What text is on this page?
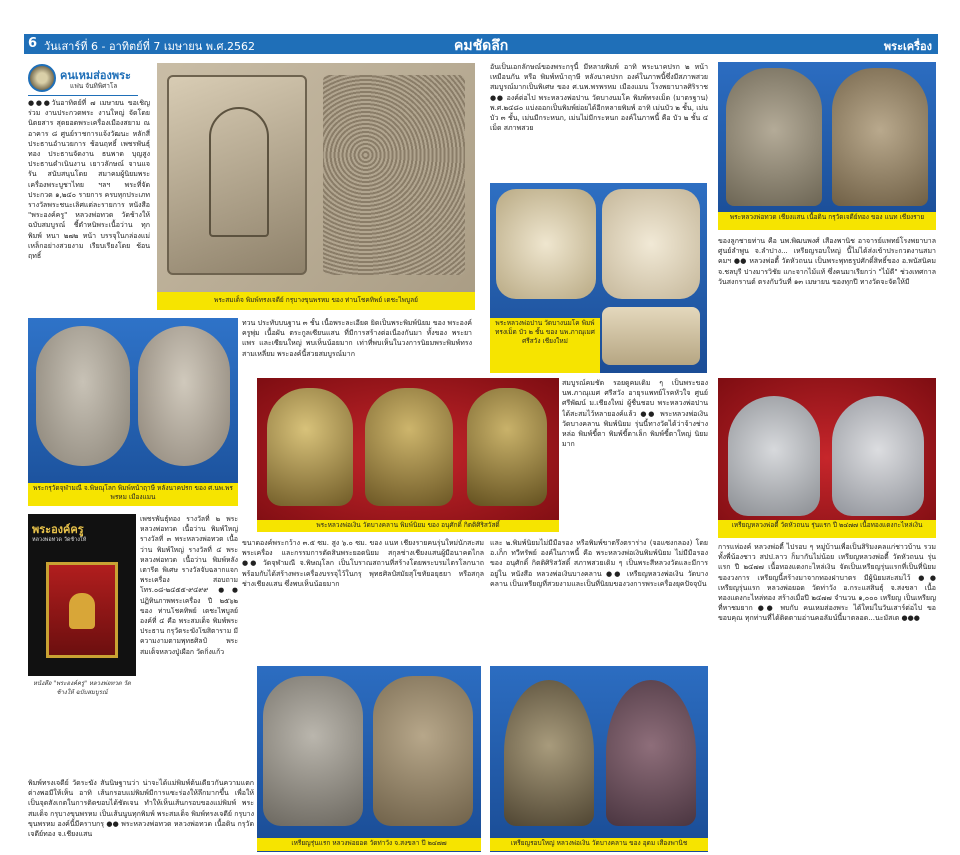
6 วันเสาร์ที่ 6 - อาทิตย์ที่ 7 เมษายน พ.ศ.2562	คมชัดลึก	พระเครื่อง
คนเหมส่องพระ
แฟน จันทิพิศาโล

●●●วันอาทิตย์ที่ ๗ เมษายน ขอเชิญร่วม งานประกวดพระ งานใหญ่ จัดโดยนิตยสาร สุดยอดพระเครื่องเมืองสยาม ณ อาคาร ๘ ศูนย์ราชการแจ้งวัฒนะ หลักสี่ ประธานอำนวยการ ช้อนฤทธิ์ เพชรพันธุ์ทอง ประธานจัดงาน ธนพาด บุญสูง ประธานดำเนินงาน เยาวลักษณ์ จานแจรัน สนับสนุนโดย สมาคมผู้นิยมพระเครื่องพระบูชาไทย ฯลฯ พระที่จัดประกวด ๑,๒๔๐ รายการ ครบทุกประเภท รางวัลพระชนะเลิศแต่ละรายการ หนังสือ "พระองค์ครู" หลวงพ่อทวด วัดช้างให้ ฉบับสมบูรณ์ ชี้ตำหนิพระเนื้อว่าน ทุกพิมพ์ หนา ๒๗๒ หน้า บรรจุในกล่องแม่เหล็กอย่างสวยงาม เรียบเรียงโดย ช้อนฤทธิ์

พระสมเด็จ พิมพ์ทรงเจดีย์ กรุบางขุนพรหม ของ ท่านโชคทิพย์ เดชะไพบูลย์
พระกรุวัดจุฬามณี จ.พิษณุโลก พิมพ์หน้าฤาษี หลังนาคปรก ของ ศ.นพ.พรพรหม เมืองแมน
พระองค์ครู
หลวงพ่อทวด วัดช้างให้
หนังสือ "พระองค์ครู" หลวงพ่อทวด วัดช้างให้ ฉบับสมบูรณ์

ทวน ประทับบนฐาน ๓ ชั้น เนื้อพระละเอียด ยิดเป็นพระพิมพ์นิยม ของ พระองค์ครูพุ่ม เนื้อผัน ตระกูลเซียนแสน ที่มีการสร้างต่อเนื่องกันมา ทั้งของ พระยา แพร และเซียนใหญ่ พบเห็นน้อยมาก เท่าที่พบเห็นในวงการนิยมพระพิมพ์ทรงสามเหลี่ยม พระองค์นี้สวยสมบูรณ์มาก

ขนาดองค์พระกว้าง ๓.๕ ซม. สูง ๖.๐ ซม. ของ แนท เชียงรายคนรุ่นใหม่นักสะสมพระเครื่อง และกรรมการตัดสินพระยอดนิยม สกุลช่างเชียงแสนผู้มีอนาคตไกล ●● วัดจุฬามณี จ.พิษณุโลก เป็นโบราณสถานที่สร้างโดยพระบรมไตรโลกนาถ พร้อมกับได้สร้างพระเครื่องบรรจุไว้ในกรุ พุทธศิลป์สมัยสุโขทัยอยุธยา หรือสกุลช่างเชียงแสน ซึ่งพบเห็นน้อยมาก

เพชรพันธุ์ทอง รางวัลที่ ๒ พระหลวงพ่อทวด เนื้อว่าน พิมพ์ใหญ่ รางวัลที่ ๓ พระหลวงพ่อทวด เนื้อว่าน พิมพ์ใหญ่ รางวัลที่ ๔ พระหลวงพ่อทวด เนื้อว่าน พิมพ์หลังเตารีด พิเศษ รางวัลจับฉลากแจกพระเครื่อง สอบถามโทร.๐๘-๒๔๕๕-๙๔๙๙ ●● ปฏิทินภาพพระเครื่อง ปี ๒๕๖๒ ของ ท่านโชคทิพย์ เดชะไพบูลย์ องค์ที่ ๔ คือ พระสมเด็จ พิมพ์พระประธาน กรุวัดระฆังโฆสิตาราม มีความงามตามพุทธศิลป์ พระสมเด็จหลวงปู่เผือก วัดกิ่งแก้ว

พิมพ์ทรงเจดีย์ วัดระฆัง สันนิษฐานว่า น่าจะได้แม่พิมพ์ต้นเดียวกันความแตกต่างพอมีให้เห็น อาทิ เส้นกรอบแม่พิมพ์มีการแซะร่องให้ลึกมากขึ้น เพื่อให้เป็นจุดสังเกตในการติดขอบได้ชัดเจน ทำให้เห็นเส้นกรอบของแม่พิมพ์ พระสมเด็จ กรุบางขุนพรหม เป็นเส้นนูนทุกพิมพ์ พระสมเด็จ พิมพ์ทรงเจดีย์ กรุบางขุนพรหม องค์นี้มีคราบกรุ ●● พระหลวงพ่อทวด หลวงพ่อทวด เนื้อดิน กรุวัดเจดีย์ทอง จ.เชียงแสน

พระหลวงพ่อเงิน วัดบางคลาน พิมพ์นิยม ของ อนุศักดิ์ กิตติศิริสวัสดิ์
พระหลวงพ่อปาน วัดบางนมโค พิมพ์ทรงเม็ด บัว ๒ ชั้น ของ นพ.ภาณุเมศ ศรีสวัง เชียงใหม่

อันเป็นเอกลักษณ์ของพระกรุนี้ มีหลายพิมพ์ อาทิ พระนาคปรก ๒ หน้าเหมือนกัน หรือ พิมพ์หน้าฤาษี หลังนาคปรก องค์ในภาพนี้ซึ่งมีสภาพสวยสมบูรณ์มากเป็นพิเศษ ของ ศ.นพ.พรพรหม เมืองแมน โรงพยาบาลศิริราช ●● องค์ต่อไป พระหลวงพ่อปาน วัดบางนมโค พิมพ์ทรงเม็ด (มาตรฐาน) พ.ศ.๒๔๘๐ แบ่งออกเป็นพิมพ์ย่อยได้อีกหลายพิมพ์ อาทิ เม่นบัว ๒ ชั้น, เม่นบัว ๓ ชั้น, เม่นมีกระหนก, เม่นไม่มีกระหนก องค์ในภาพนี้ คือ บัว ๒ ชั้น ๔ เม็ด สภาพสวย

สมบูรณ์คมชัด รอยดูคมเดิม ๆ เป็นพระของ นพ.ภาณุเมศ ศรีสวัง อายุรแพทย์โรคหัวใจ ศูนย์ศรีพัฒน์ ม.เชียงใหม่ ผู้ชื่นชอบ พระหลวงพ่อปาน ได้สะสมไว้หลายองค์แล้ว ●● พระหลวงพ่อเงิน วัดบางคลาน พิมพ์นิยม รุ่นนี้ทางวัดได้ว่าจ้างช่างหล่อ พิมพ์ขี้ตา พิมพ์ขี้ตาเล็ก พิมพ์ขี้ตาใหญ่ นิยมมาก

และ ๒.พิมพ์นิยมไม่มีมือรอง หรือพิมพ์ขาตรึงตราร่าง (จอแซงกลอง) โดย อ.เก็ก ทวีทรัพย์ องค์ในภาพนี้ คือ พระหลวงพ่อเงินพิมพ์นิยม ไม่มีมือรอง ของ อนุศักดิ์ กิตติศิริสวัสดิ์ สภาพสวยเดิม ๆ เป็นพระสีหลวงวัดและมีการอยู่ใน หนังสือ หลวงพ่อเงินบางคลาน ●● เหรียญหลวงพ่อเงิน วัดบางคลาน เป็นเหรียญที่สวยงามและเป็นที่นิยมของวงการพระเครื่องยุคปัจจุบัน

เหรียญรุ่นแรก หลวงพ่อยอด วัดท่าวัง จ.สงขลา ปี ๒๔๗๗	เหรียญรอบใหญ่ หลวงพ่อเงิน วัดบางคลาน ของ อุดม เสืองพานิช
พระหลวงพ่อทวด เชียงแสน เนื้อดิน กรุวัดเจดีย์ทอง ของ แนท เชียงราย

ของลูกชายท่าน คือ นพ.พิฒนพงศ์ เสืองพานิช อาจารย์แพทย์โรงพยาบาลศูนย์ลำพูน จ.ลำปาง... เหรียญรอบใหญ่ นี้ไม่ได้ส่งเข้าประกวดงานสมาคมฯ ●● หลวงพ่อตี้ วัดหัวถนน เป็นพระพุทธรูปศักดิ์สิทธิ์ของ อ.พนัสนิคม จ.ชลบุรี ปางมารวิชัย แกะจากไม้แท้ ซึ่งคนมาเรียกว่า "ไม้ดี" ช่วงเทศกาลวันสงกรานต์ ตรงกับวันที่ ๑๓ เมษายน ของทุกปี ทางวัดจะจัดให้มี

เหรียญหลวงพ่อตี้ วัดหัวถนน รุ่นแรก ปี ๒๔๗๗ เนื้อทองแดงกะไหล่เงิน

การแห่องค์ หลวงพ่อตี้ ไปรอบ ๆ หมู่บ้านเพื่อเป็นสิริมงคลแก่ชาวบ้าน รวมทั้งพี่น้องชาว สปป.ลาว ก็มากันไม่น้อย เหรียญหลวงพ่อตี้ วัดหัวถนน รุ่นแรก ปี ๒๔๗๗ เนื้อทองแดงกะไหล่เงิน จัดเป็นเหรียญรุ่นแรกที่เป็นที่นิยมของวงการ เหรียญนี้สร้างมาจากทองฝาบาตร มีผู้นิยมสะสมไว้ ●● เหรียญรุ่นแรก หลวงพ่อยอด วัดท่าวัง อ.กระแสสินธุ์ จ.สงขลา เนื้อทองแดงกะไหล่ทอง สร้างเมื่อปี ๒๔๗๗ จำนวน ๑,๐๐๐ เหรียญ เป็นเหรียญที่หาชมยาก ●● พบกับ คนเหมส่องพระ ได้ใหม่ในวันเสาร์ต่อไป ขอขอบคุณ ทุกท่านที่ได้ติดตามอ่านคอลัมน์นี้มาตลอด...นะมัสเต ●●●
